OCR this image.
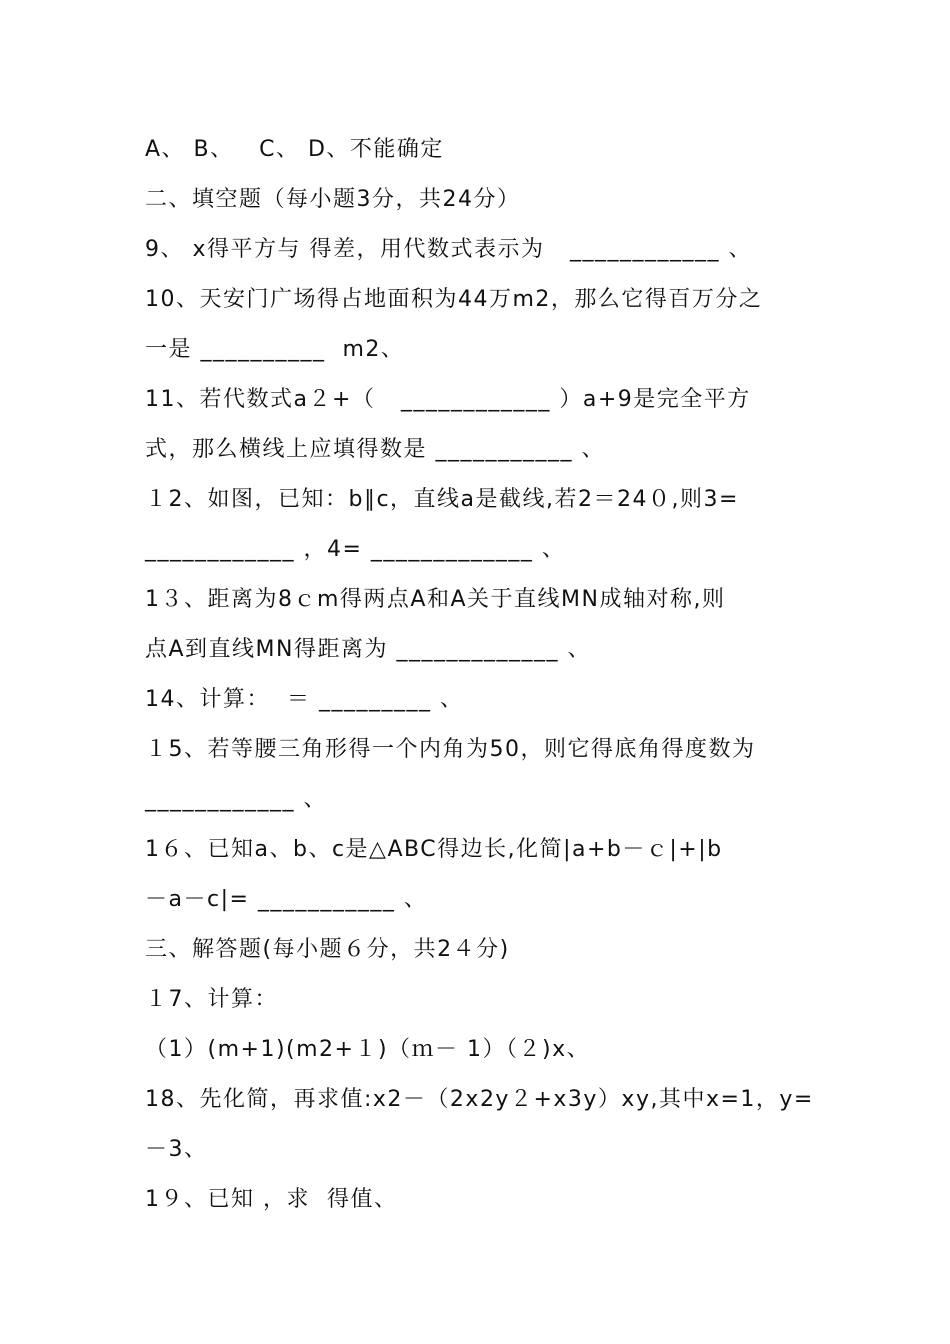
A、 B、   C、 D、不能确定
二、填空题（每小题3分，共24分）
9、 x得平方与 得差，用代数式表示为   ____________ 、
10、天安门广场得占地面积为44万m2，那么它得百万分之
一是 __________  m2、
11、若代数式a２+（   ____________ ）a+9是完全平方
式，那么横线上应填得数是 ___________ 、
１2、如图，已知：b∥c，直线a是截线,若2＝24０,则3=
____________ ，4= _____________ 、
1３、距离为8ｃm得两点A和A关于直线MN成轴对称,则
点A到直线MN得距离为 _____________ 、
14、计算：  ＝ _________ 、
１5、若等腰三角形得一个内角为50，则它得底角得度数为
____________ 、
1６、已知a、b、c是△ABC得边长,化简|a+b－ｃ|+|b
－a－c|= ___________ 、
三、解答题(每小题６分，共2４分)
１7、计算：
（1）(m+1)(m2+１)（ｍ－ 1）（２)x、
18、先化简，再求值:x2－（2x2y２+x3y）xy,其中x=1，y=
－3、
1９、已知 ，求  得值、
